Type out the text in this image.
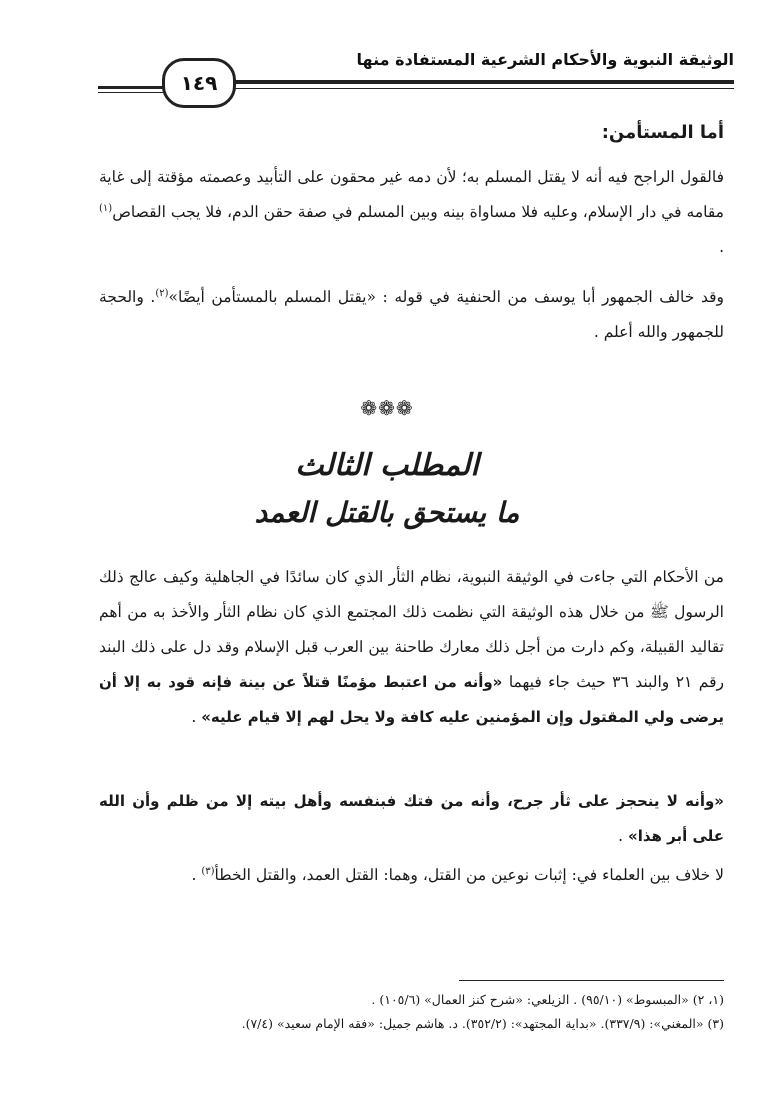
الوثيقة النبوية والأحكام الشرعية المستفادة منها
١٤٩
أما المستأمن:

فالقول الراجح فيه أنه لا يقتل المسلم به؛ لأن دمه غير محقون على التأبيد وعصمته مؤقتة إلى غاية مقامه في دار الإسلام، وعليه فلا مساواة بينه وبين المسلم في صفة حقن الدم، فلا يجب القصاص$^{(١)}$ .

وقد خالف الجمهور أبا يوسف من الحنفية في قوله : «يقتل المسلم بالمستأمن أيضًا»$^{(٢)}$. والحجة للجمهور والله أعلم .

❁❁❁

المطلب الثالث
ما يستحق بالقتل العمد

من الأحكام التي جاءت في الوثيقة النبوية، نظام الثأر الذي كان سائدًا في الجاهلية وكيف عالج ذلك الرسول ﷺ من خلال هذه الوثيقة التي نظمت ذلك المجتمع الذي كان نظام الثأر والأخذ به من أهم تقاليد القبيلة، وكم دارت من أجل ذلك معارك طاحنة بين العرب قبل الإسلام وقد دل على ذلك البند رقم ٢١ والبند ٣٦ حيث جاء فيهما «وأنه من اعتبط مؤمنًا قتلاً عن بينة فإنه قود به إلا أن يرضى ولي المقتول وإن المؤمنين عليه كافة ولا يحل لهم إلا قيام عليه» .

«وأنه لا ينحجز على ثأر جرح، وأنه من فتك فبنفسه وأهل بيته إلا من ظلم وأن الله على أبر هذا» .

لا خلاف بين العلماء في: إثبات نوعين من القتل، وهما: القتل العمد، والقتل الخطأ$^{(٣)}$ .

(١، ٢) «المبسوط» (٩٥/١٠) . الزيلعي: «شرح كنز العمال» (١٠٥/٦) .

(٣) «المغني»: (٣٣٧/٩). «بداية المجتهد»: (٣٥٢/٢). د. هاشم جميل: «فقه الإمام سعيد» (٧/٤).
